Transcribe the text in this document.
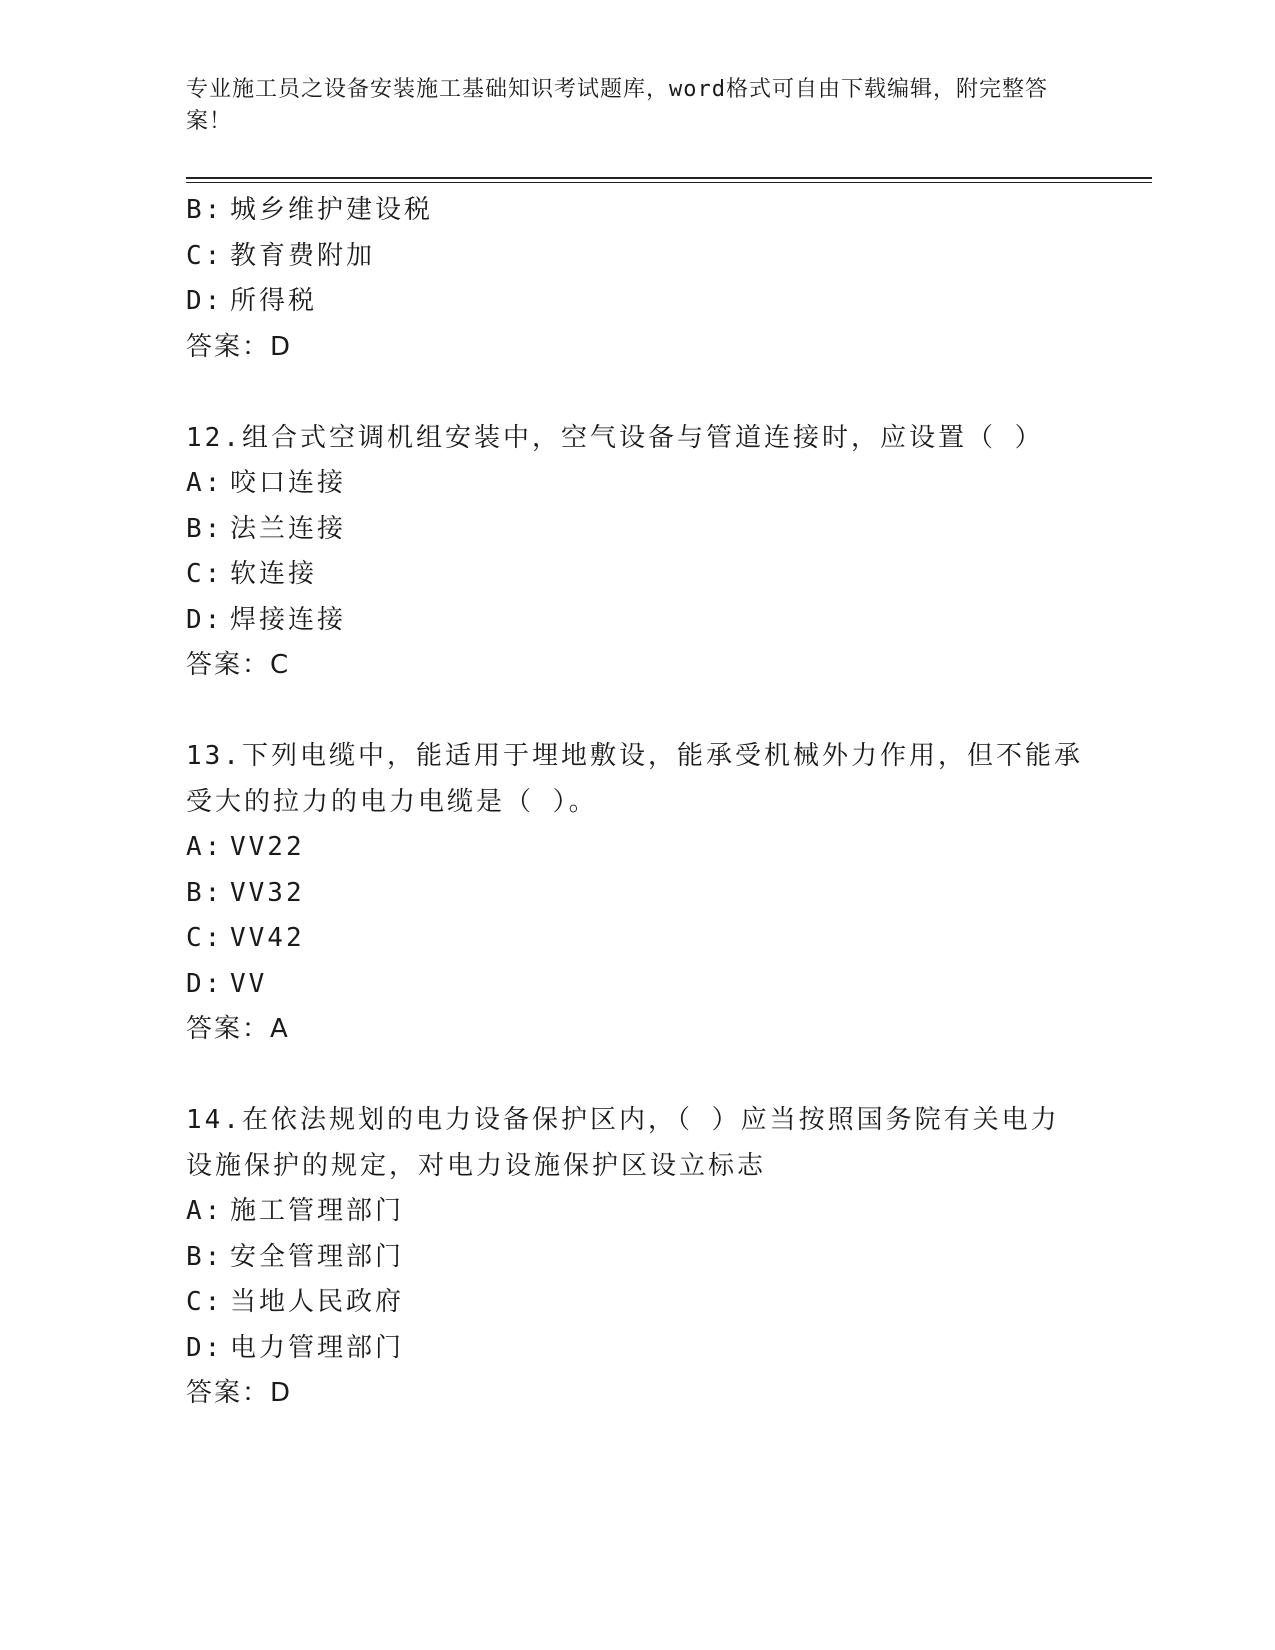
专业施工员之设备安装施工基础知识考试题库，word格式可自由下载编辑，附完整答案！
B: 城乡维护建设税
C: 教育费附加
D: 所得税
答案：D
12.组合式空调机组安装中，空气设备与管道连接时，应设置（ ）
A: 咬口连接
B: 法兰连接
C: 软连接
D: 焊接连接
答案：C
13.下列电缆中，能适用于埋地敷设，能承受机械外力作用，但不能承受大的拉力的电力电缆是（ ）。
A: VV22
B: VV32
C: VV42
D: VV
答案：A
14.在依法规划的电力设备保护区内，（ ）应当按照国务院有关电力设施保护的规定，对电力设施保护区设立标志
A: 施工管理部门
B: 安全管理部门
C: 当地人民政府
D: 电力管理部门
答案：D
